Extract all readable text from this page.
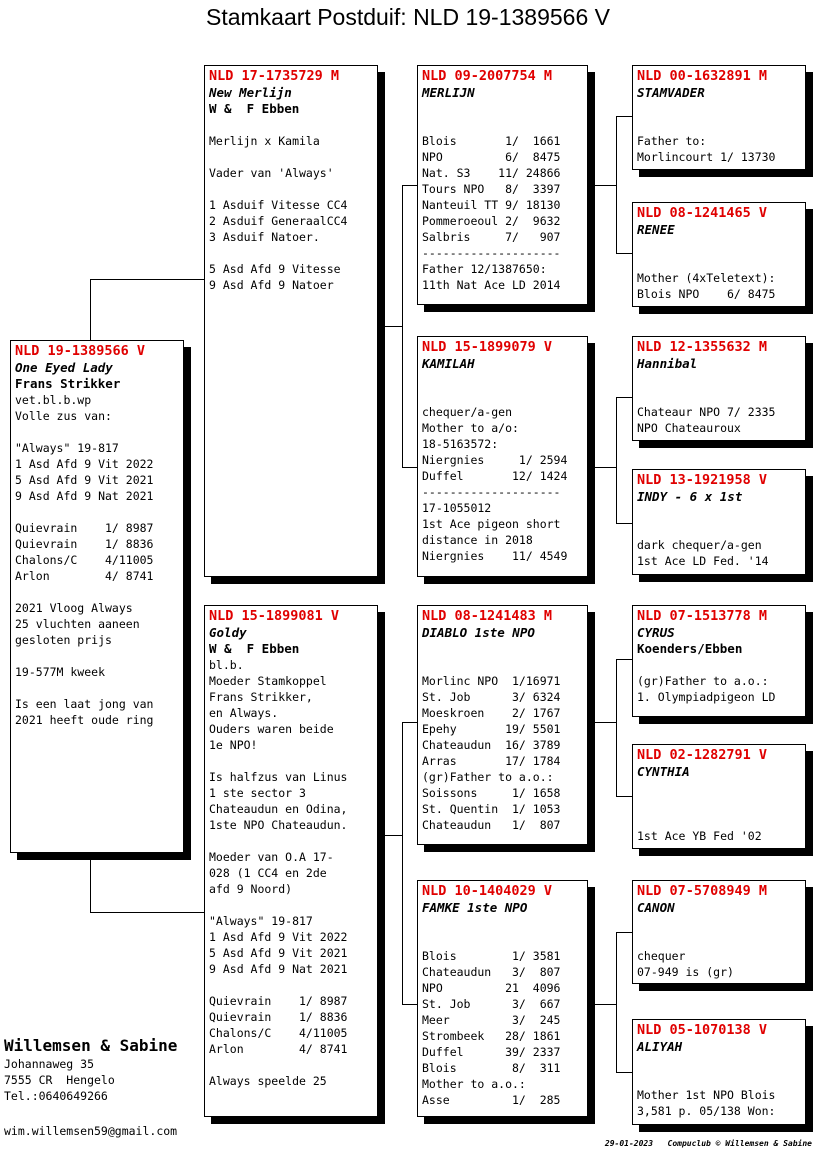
Stamkaart Postduif: NLD 19-1389566 V
NLD 19-1389566 V
One Eyed Lady
Frans Strikker
vet.bl.b.wp
Volle zus van:
"Always" 19-817
1 Asd Afd 9 Vit 2022
5 Asd Afd 9 Vit 2021
9 Asd Afd 9 Nat 2021
Quievrain    1/ 8987
Quievrain    1/ 8836
Chalons/C    4/11005
Arlon        4/ 8741
2021 Vloog Always
25 vluchten aaneen
gesloten prijs
19-577M kweek
Is een laat jong van
2021 heeft oude ring
NLD 17-1735729 M
New Merlijn
W &  F Ebben
Merlijn x Kamila
Vader van 'Always'
1 Asduif Vitesse CC4
2 Asduif GeneraalCC4
3 Asduif Natoer.
5 Asd Afd 9 Vitesse
9 Asd Afd 9 Natoer
NLD 15-1899081 V
Goldy
W &  F Ebben
bl.b.
Moeder Stamkoppel
Frans Strikker,
en Always.
Ouders waren beide
1e NPO!
Is halfzus van Linus
1 ste sector 3
Chateaudun en Odina,
1ste NPO Chateaudun.
Moeder van O.A 17-
028 (1 CC4 en 2de
afd 9 Noord)
"Always" 19-817
1 Asd Afd 9 Vit 2022
5 Asd Afd 9 Vit 2021
9 Asd Afd 9 Nat 2021
Quievrain    1/ 8987
Quievrain    1/ 8836
Chalons/C    4/11005
Arlon        4/ 8741
Always speelde 25
NLD 09-2007754 M
MERLIJN
Blois       1/  1661
NPO         6/  8475
Nat. S3    11/ 24866
Tours NPO   8/  3397
Nanteuil TT 9/ 18130
Pommeroeoul 2/  9632
Salbris     7/   907
--------------------
Father 12/1387650:
11th Nat Ace LD 2014
NLD 15-1899079 V
KAMILAH
chequer/a-gen
Mother to a/o:
18-5163572:
Niergnies     1/ 2594
Duffel       12/ 1424
--------------------
17-1055012
1st Ace pigeon short
distance in 2018
Niergnies    11/ 4549
NLD 08-1241483 M
DIABLO 1ste NPO
Morlinc NPO  1/16971
St. Job      3/ 6324
Moeskroen    2/ 1767
Epehy       19/ 5501
Chateaudun  16/ 3789
Arras       17/ 1784
(gr)Father to a.o.:
Soissons     1/ 1658
St. Quentin  1/ 1053
Chateaudun   1/  807
NLD 10-1404029 V
FAMKE 1ste NPO
Blois        1/ 3581
Chateaudun   3/  807
NPO         21  4096
St. Job      3/  667
Meer         3/  245
Strombeek   28/ 1861
Duffel      39/ 2337
Blois        8/  311
Mother to a.o.:
Asse         1/  285
NLD 00-1632891 M
STAMVADER
Father to:
Morlincourt 1/ 13730
NLD 08-1241465 V
RENEE
Mother (4xTeletext):
Blois NPO    6/ 8475
NLD 12-1355632 M
Hannibal
Chateaur NPO 7/ 2335
NPO Chateauroux
NLD 13-1921958 V
INDY - 6 x 1st
dark chequer/a-gen
1st Ace LD Fed. '14
NLD 07-1513778 M
CYRUS
Koenders/Ebben
(gr)Father to a.o.:
1. Olympiadpigeon LD
NLD 02-1282791 V
CYNTHIA
1st Ace YB Fed '02
NLD 07-5708949 M
CANON
chequer
07-949 is (gr)
NLD 05-1070138 V
ALIYAH
Mother 1st NPO Blois
3,581 p. 05/138 Won:
Willemsen & Sabine
Johannaweg 35
7555 CR  Hengelo
Tel.:0640649266
wim.willemsen59@gmail.com
29-01-2023   Compuclub © Willemsen & Sabine
